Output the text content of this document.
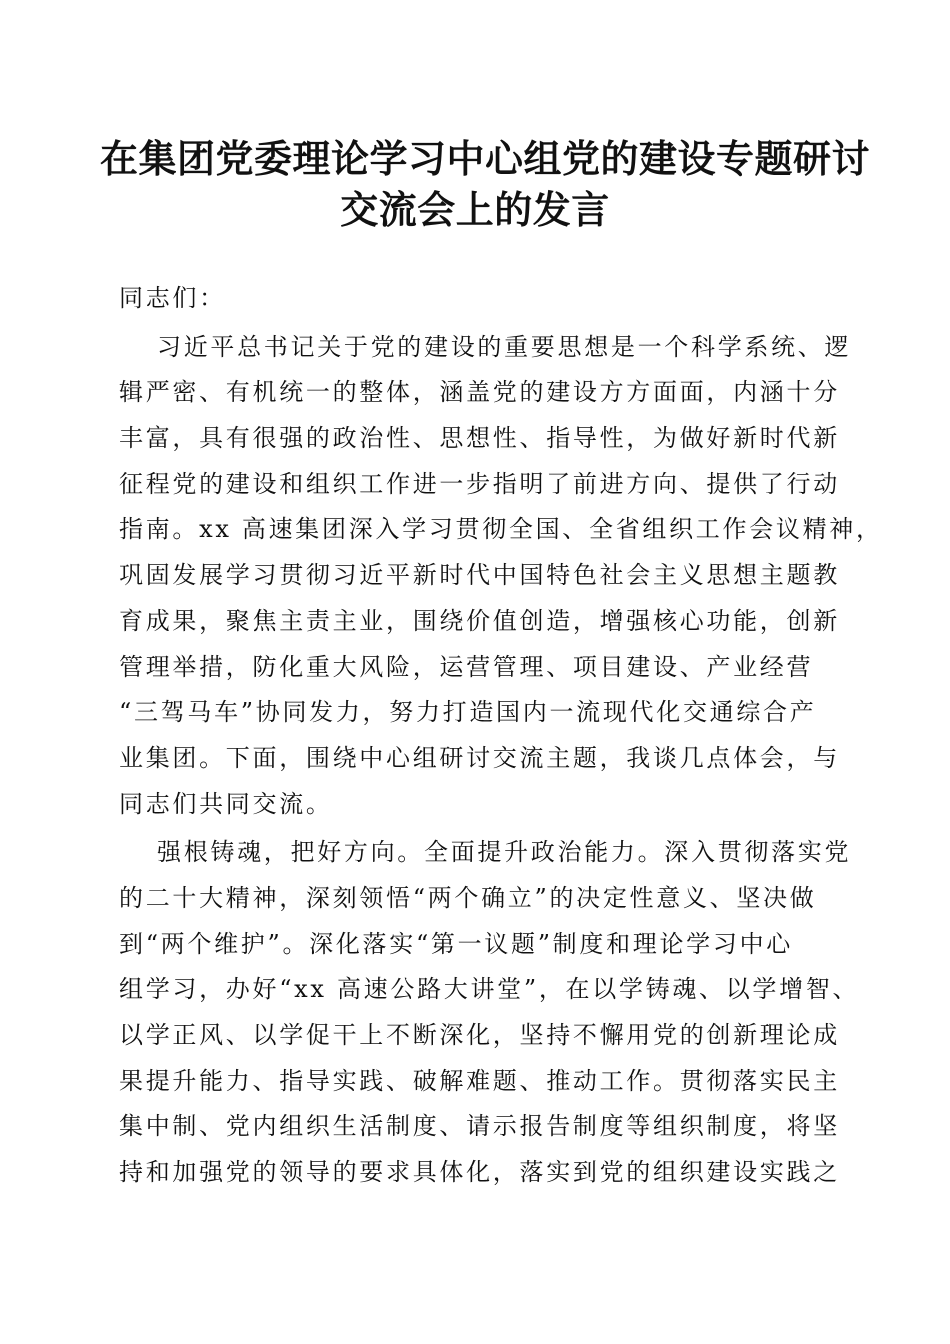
在集团党委理论学习中心组党的建设专题研讨
交流会上的发言
同志们：
习近平总书记关于党的建设的重要思想是一个科学系统、逻
辑严密、有机统一的整体，涵盖党的建设方方面面，内涵十分
丰富，具有很强的政治性、思想性、指导性，为做好新时代新
征程党的建设和组织工作进一步指明了前进方向、提供了行动
指南。xx 高速集团深入学习贯彻全国、全省组织工作会议精神，
巩固发展学习贯彻习近平新时代中国特色社会主义思想主题教
育成果，聚焦主责主业，围绕价值创造，增强核心功能，创新
管理举措，防化重大风险，运营管理、项目建设、产业经营
“三驾马车”协同发力，努力打造国内一流现代化交通综合产
业集团。下面，围绕中心组研讨交流主题，我谈几点体会，与
同志们共同交流。
强根铸魂，把好方向。全面提升政治能力。深入贯彻落实党
的二十大精神，深刻领悟“两个确立”的决定性意义、坚决做
到“两个维护”。深化落实“第一议题”制度和理论学习中心
组学习，办好“xx 高速公路大讲堂”，在以学铸魂、以学增智、
以学正风、以学促干上不断深化，坚持不懈用党的创新理论成
果提升能力、指导实践、破解难题、推动工作。贯彻落实民主
集中制、党内组织生活制度、请示报告制度等组织制度，将坚
持和加强党的领导的要求具体化，落实到党的组织建设实践之
